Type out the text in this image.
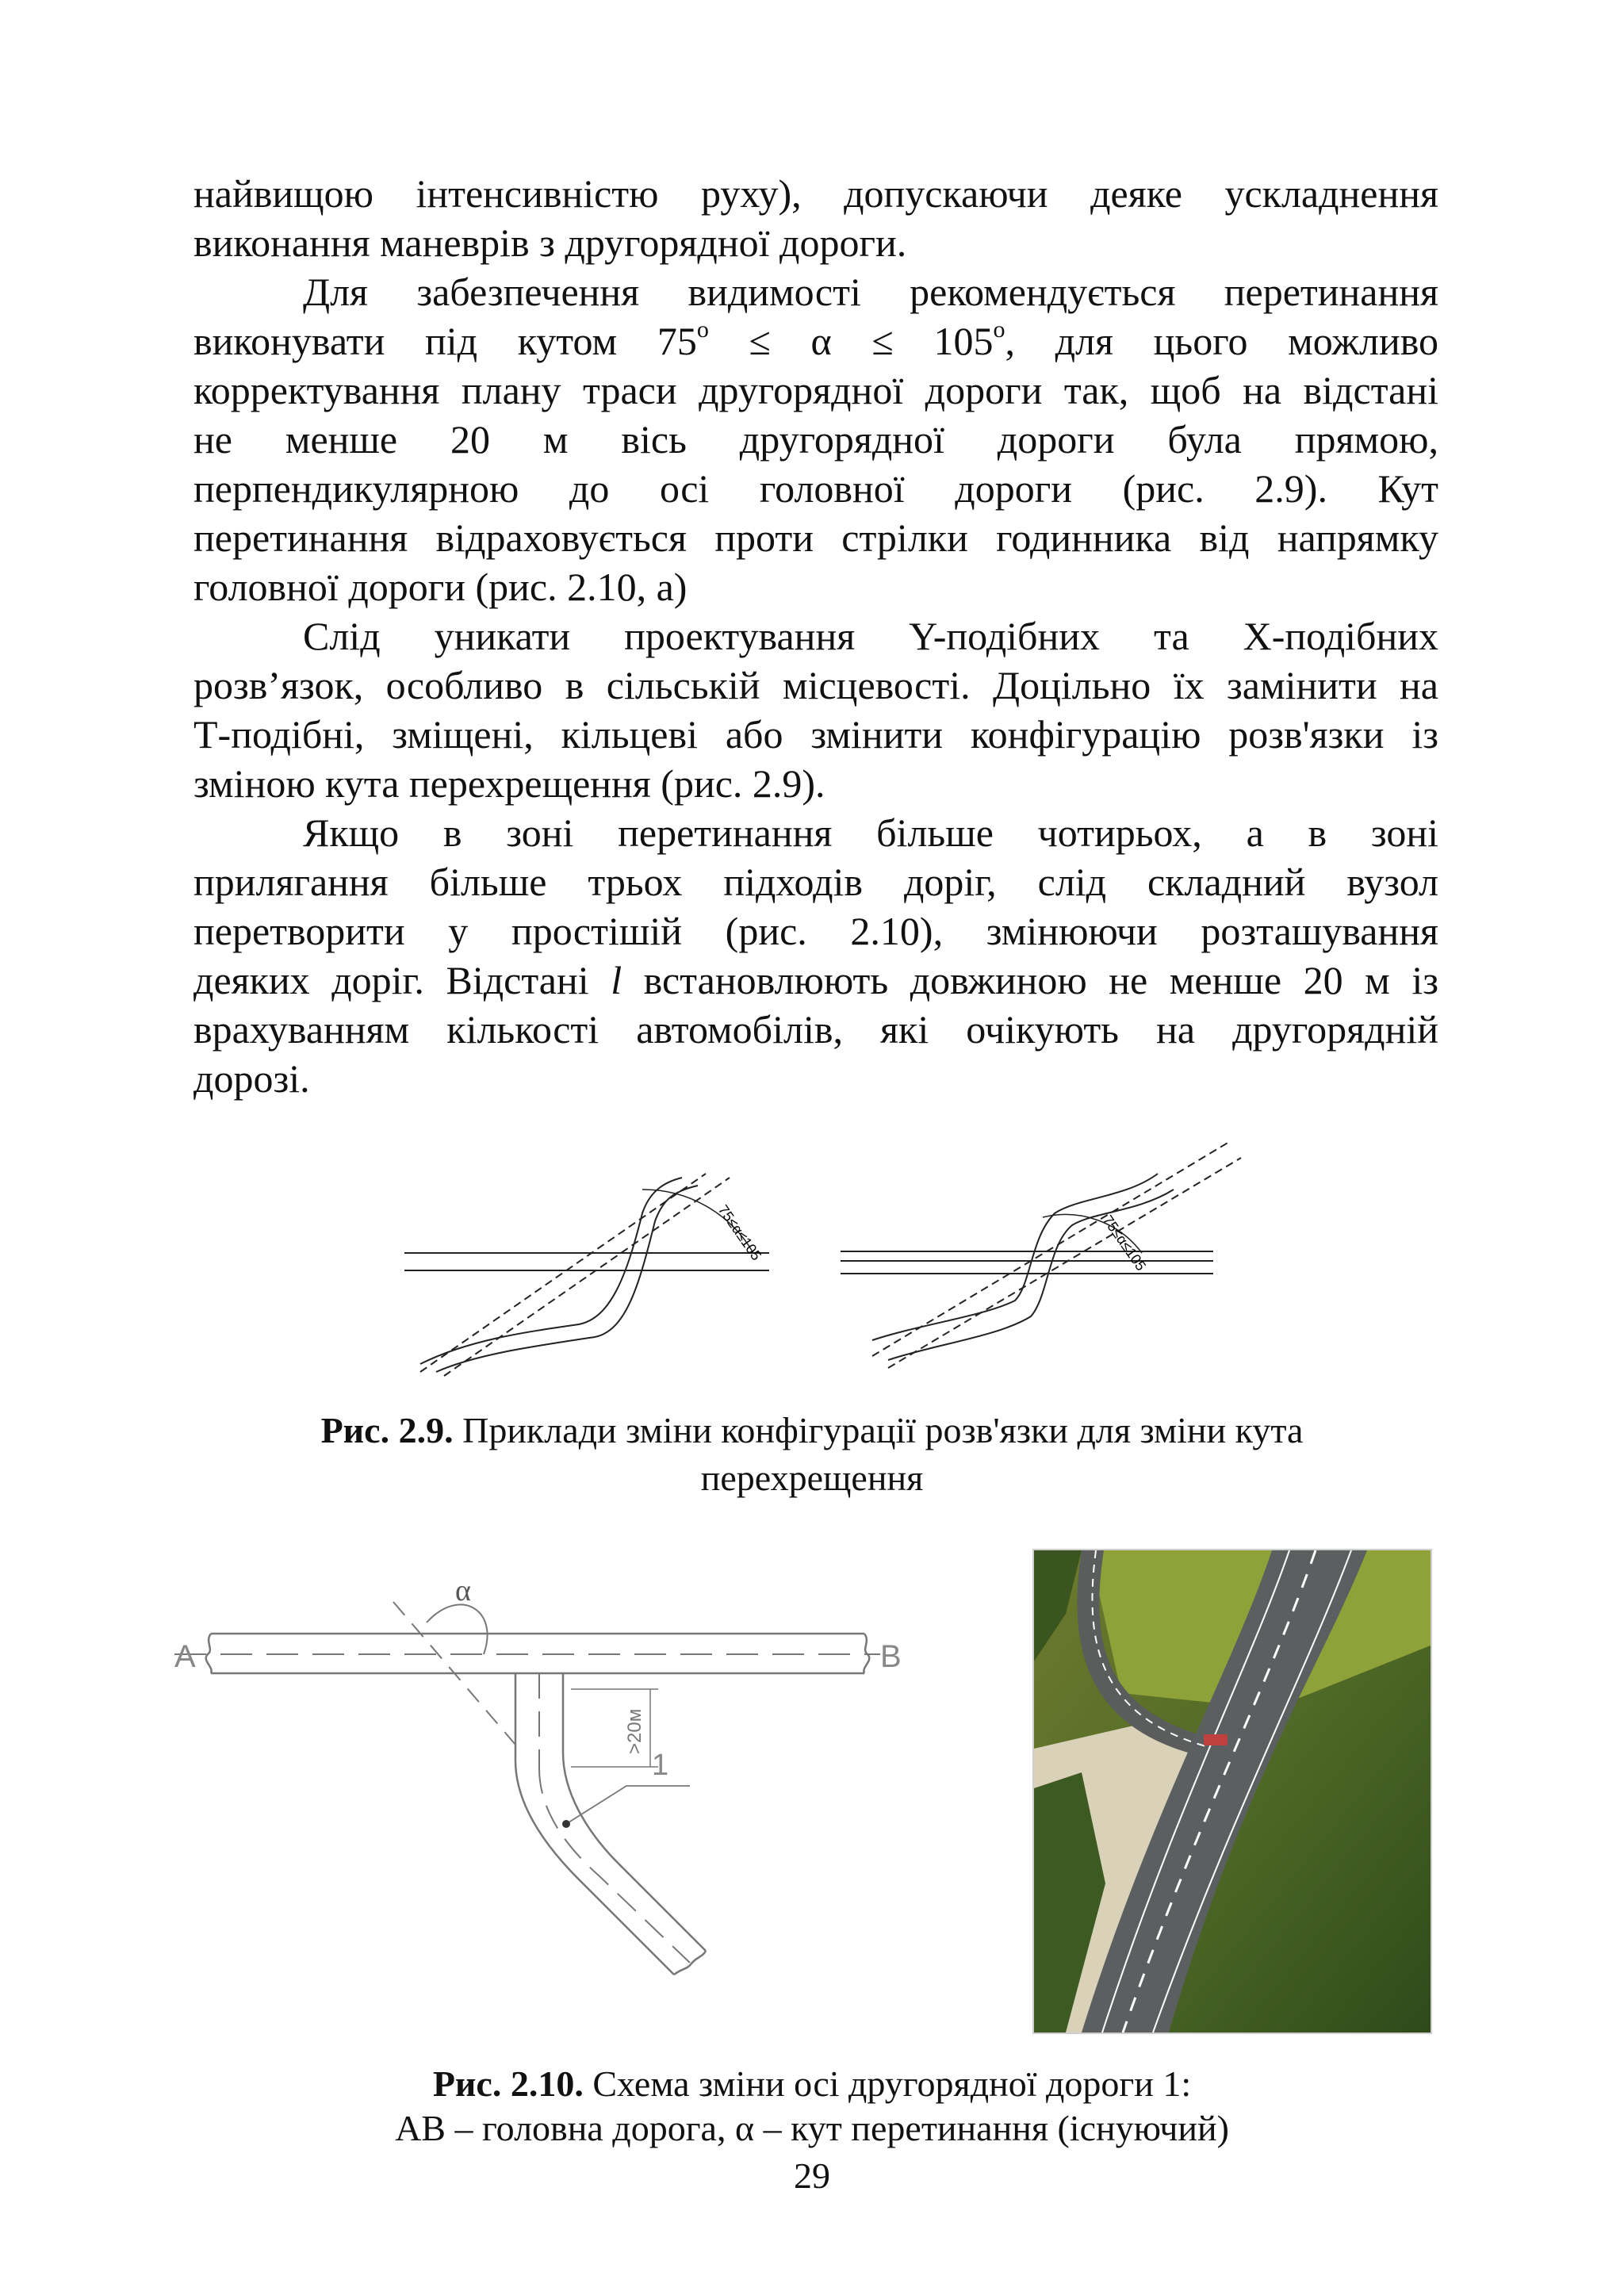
найвищою інтенсивністю руху), допускаючи деяке ускладнення
виконання маневрів з другорядної дороги.
Для забезпечення видимості рекомендується перетинання
виконувати під кутом $75^o \le \alpha \le 105^o$, для цього можливо
корректування плану траси другорядної дороги так, щоб на відстані
не менше 20 м вісь другорядної дороги була прямою,
перпендикулярною до осі головної дороги (рис. 2.9). Кут
перетинання відраховується проти стрілки годинника від напрямку
головної дороги (рис. 2.10, а)
Слід уникати проектування Y-подібних та X-подібних
розв’язок, особливо в сільській місцевості. Доцільно їх замінити на
Т-подібні, зміщені, кільцеві або змінити конфігурацію розв'язки із
зміною кута перехрещення (рис. 2.9).
Якщо в зоні перетинання більше чотирьох, а в зоні
прилягання більше трьох підходів доріг, слід складний вузол
перетворити у простішій (рис. 2.10), змінюючи розташування
деяких доріг. Відстані l встановлюють довжиною не менше 20 м із
врахуванням кількості автомобілів, які очікують на другорядній
дорозі.
75≤α≤105	75≤α≤105
Рис. 2.9. Приклади зміни конфігурації розв'язки для зміни кута
перехрещення
A	B
α
>20м
1
Рис. 2.10. Схема зміни осі другорядної дороги 1:
АВ – головна дорога, α – кут перетинання (існуючий)
29
